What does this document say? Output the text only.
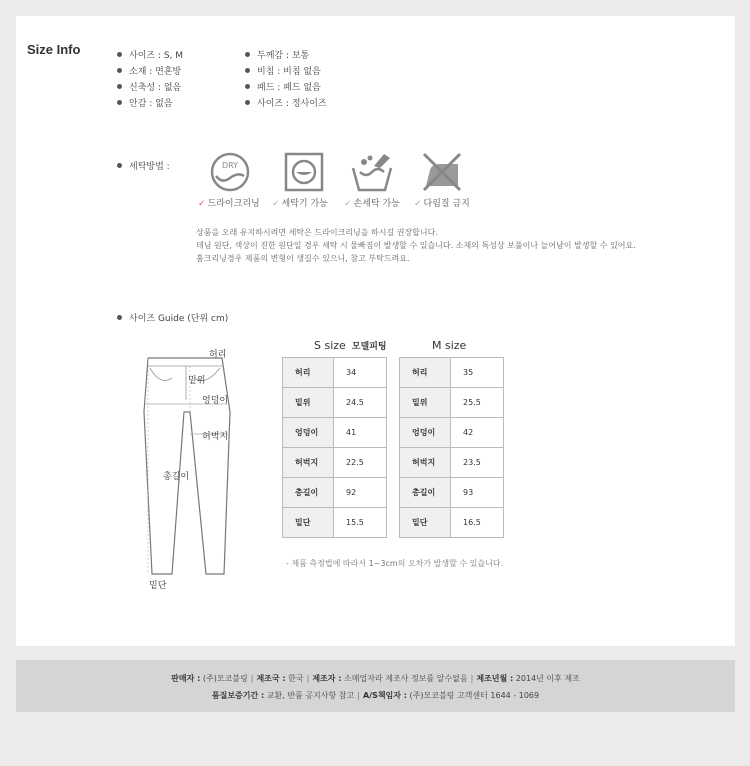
Size Info	사이즈 : S, M
소재 : 면혼방
신축성 : 없음
안감 : 없음
두께감 : 보통
비침 : 비침 없음
패드 : 패드 없음
사이즈 : 정사이즈
세탁방법 :	DRY
✓ 드라이크리닝 ✓ 세탁기 가능 ✓ 손세탁 가능 ✓ 다림질 금지
상품을 오래 유지하시려면 세탁은 드라이크리닝을 하시길 권장합니다.
데님 원단, 색상이 진한 원단일 경우 세탁 시 물빠짐이 발생할 수 있습니다. 소재의 특성상 보풀이나 늘어남이 발생할 수 있어요.
홈크리닝경우 제품의 변형이 생길수 있으니, 참고 부탁드려요.
사이즈 Guide (단위 cm)
허리
밑위
엉덩이
허벅지
총길이
밑단
S size 모델피팅	M size
허리	34
밑위	24.5
엉덩이	41
허벅지	22.5
총길이	92
밑단	15.5
허리	35
밑위	25.5
엉덩이	42
허벅지	23.5
총길이	93
밑단	16.5
- 제품 측정법에 따라서 1~3cm의 오차가 발생할 수 있습니다.
판매자 : (주)모코블링 | 제조국 : 한국 | 제조자 : 소매업자라 제조사 정보를 알수없음 | 제조년월 : 2014년 이후 제조
품질보증기간 : 교환, 반품 공지사항 참고 | A/S책임자 : (주)모코블링 고객센터 1644 - 1069
